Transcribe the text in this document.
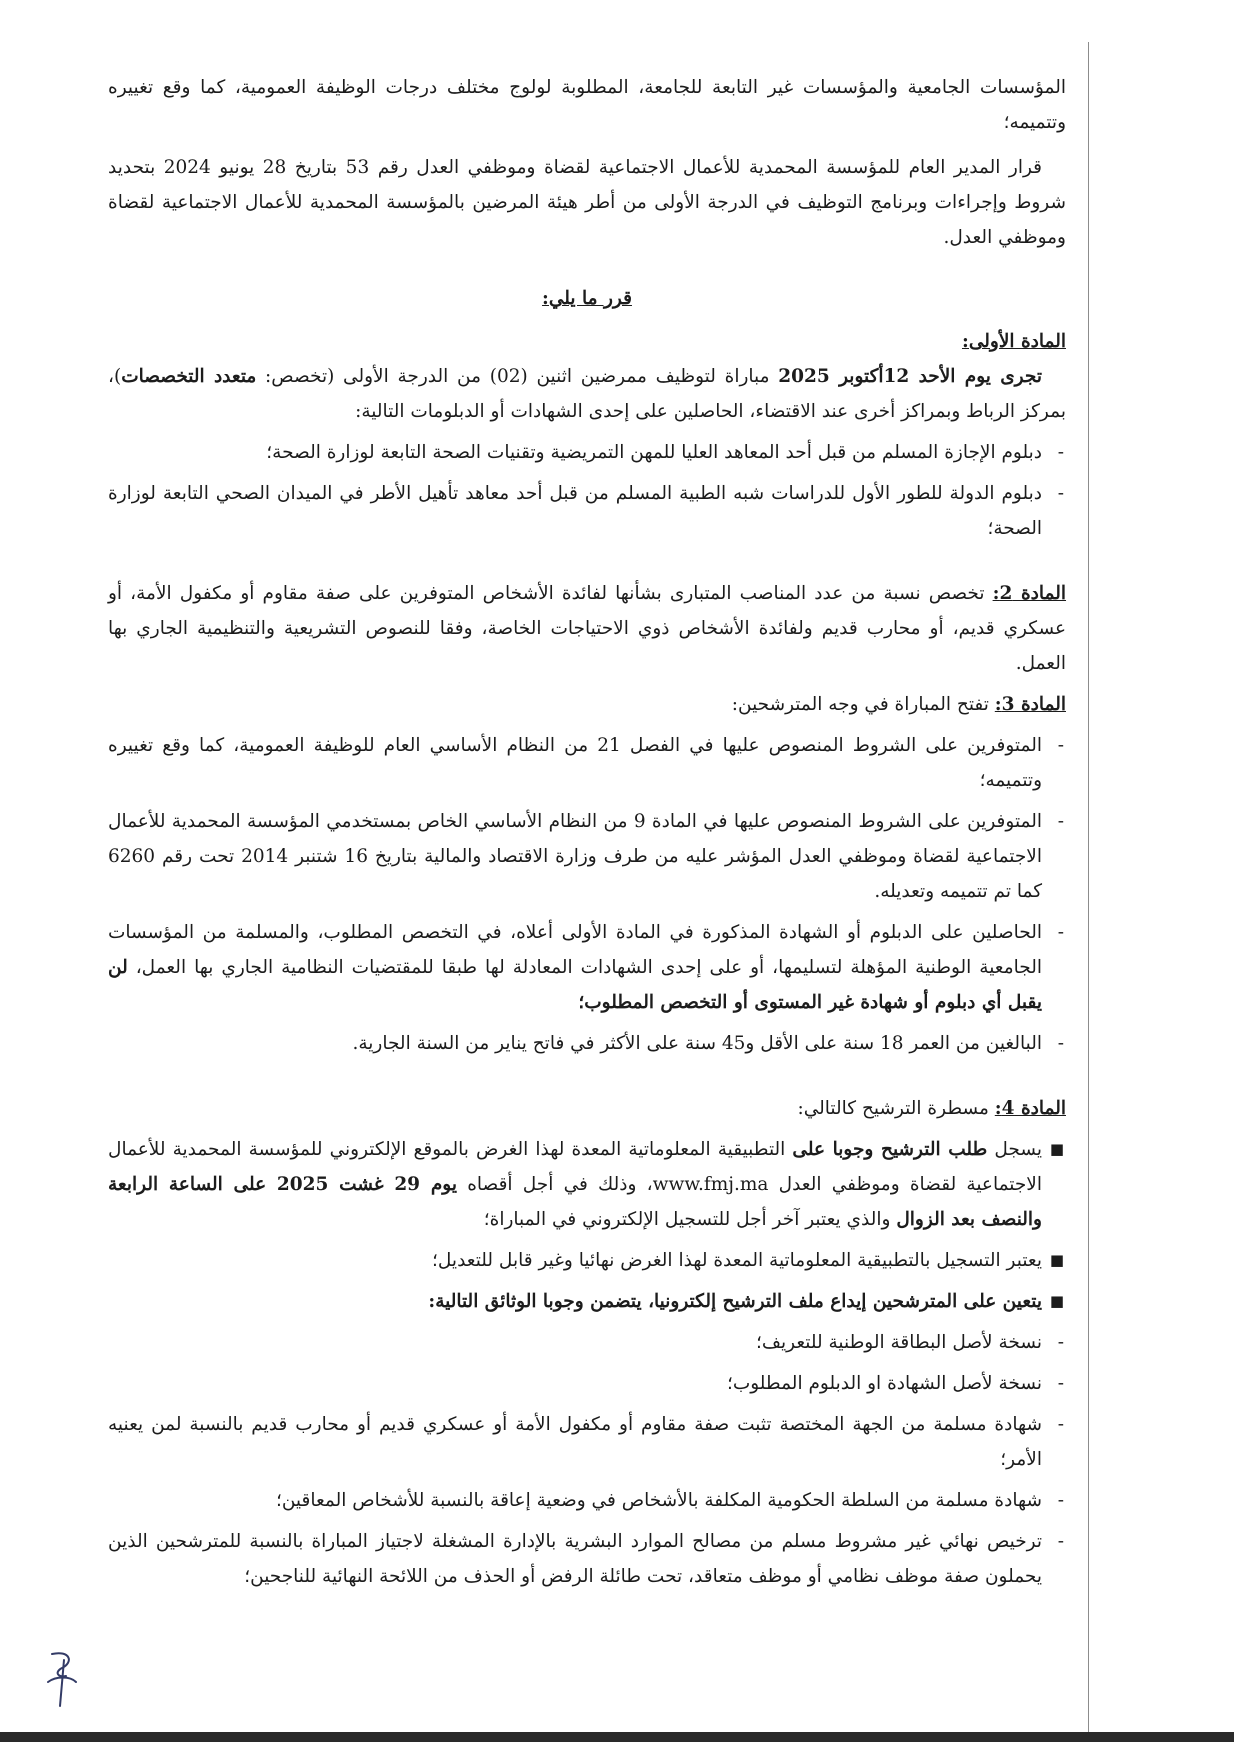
المؤسسات الجامعية والمؤسسات غير التابعة للجامعة، المطلوبة لولوج مختلف درجات الوظيفة العمومية، كما وقع تغييره وتتميمه؛

قرار المدير العام للمؤسسة المحمدية للأعمال الاجتماعية لقضاة وموظفي العدل رقم 53 بتاريخ 28 يونيو 2024 بتحديد شروط وإجراءات وبرنامج التوظيف في الدرجة الأولى من أطر هيئة المرضين بالمؤسسة المحمدية للأعمال الاجتماعية لقضاة وموظفي العدل.

قرر ما يلي:

المادة الأولى:

تجرى يوم الأحد 12أكتوبر 2025 مباراة لتوظيف ممرضين اثنين (02) من الدرجة الأولى (تخصص: متعدد التخصصات)، بمركز الرباط وبمراكز أخرى عند الاقتضاء، الحاصلين على إحدى الشهادات أو الدبلومات التالية:

-
دبلوم الإجازة المسلم من قبل أحد المعاهد العليا للمهن التمريضية وتقنيات الصحة التابعة لوزارة الصحة؛
-
دبلوم الدولة للطور الأول للدراسات شبه الطبية المسلم من قبل أحد معاهد تأهيل الأطر في الميدان الصحي التابعة لوزارة الصحة؛

المادة 2: تخصص نسبة من عدد المناصب المتبارى بشأنها لفائدة الأشخاص المتوفرين على صفة مقاوم أو مكفول الأمة، أو عسكري قديم، أو محارب قديم ولفائدة الأشخاص ذوي الاحتياجات الخاصة، وفقا للنصوص التشريعية والتنظيمية الجاري بها العمل.

المادة 3: تفتح المباراة في وجه المترشحين:

-
المتوفرين على الشروط المنصوص عليها في الفصل 21 من النظام الأساسي العام للوظيفة العمومية، كما وقع تغييره وتتميمه؛
-
المتوفرين على الشروط المنصوص عليها في المادة 9 من النظام الأساسي الخاص بمستخدمي المؤسسة المحمدية للأعمال الاجتماعية لقضاة وموظفي العدل المؤشر عليه من طرف وزارة الاقتصاد والمالية بتاريخ 16 شتنبر 2014 تحت رقم 6260 كما تم تتميمه وتعديله.
-
الحاصلين على الدبلوم أو الشهادة المذكورة في المادة الأولى أعلاه، في التخصص المطلوب، والمسلمة من المؤسسات الجامعية الوطنية المؤهلة لتسليمها، أو على إحدى الشهادات المعادلة لها طبقا للمقتضيات النظامية الجاري بها العمل، لن يقبل أي دبلوم أو شهادة غير المستوى أو التخصص المطلوب؛
-
البالغين من العمر 18 سنة على الأقل و45 سنة على الأكثر في فاتح يناير من السنة الجارية.

المادة 4: مسطرة الترشيح كالتالي:

■
يسجل طلب الترشيح وجوبا على التطبيقية المعلوماتية المعدة لهذا الغرض بالموقع الإلكتروني للمؤسسة المحمدية للأعمال الاجتماعية لقضاة وموظفي العدل www.fmj.ma، وذلك في أجل أقصاه يوم 29 غشت 2025 على الساعة الرابعة والنصف بعد الزوال والذي يعتبر آخر أجل للتسجيل الإلكتروني في المباراة؛
■
يعتبر التسجيل بالتطبيقية المعلوماتية المعدة لهذا الغرض نهائيا وغير قابل للتعديل؛
■
يتعين على المترشحين إيداع ملف الترشيح إلكترونيا، يتضمن وجوبا الوثائق التالية:
-
نسخة لأصل البطاقة الوطنية للتعريف؛
-
نسخة لأصل الشهادة او الدبلوم المطلوب؛
-
شهادة مسلمة من الجهة المختصة تثبت صفة مقاوم أو مكفول الأمة أو عسكري قديم أو محارب قديم بالنسبة لمن يعنيه الأمر؛
-
شهادة مسلمة من السلطة الحكومية المكلفة بالأشخاص في وضعية إعاقة بالنسبة للأشخاص المعاقين؛
-
ترخيص نهائي غير مشروط مسلم من مصالح الموارد البشرية بالإدارة المشغلة لاجتياز المباراة بالنسبة للمترشحين الذين يحملون صفة موظف نظامي أو موظف متعاقد، تحت طائلة الرفض أو الحذف من اللائحة النهائية للناجحين؛
